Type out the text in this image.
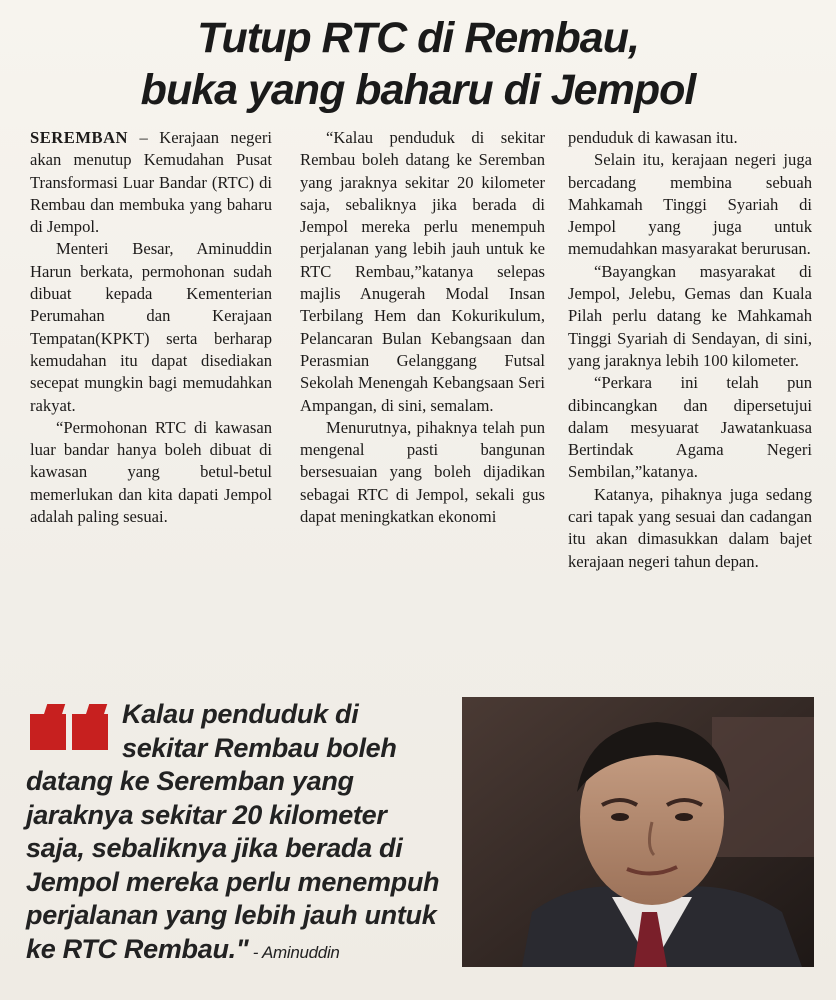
Tutup RTC di Rembau,
buka yang baharu di Jempol

SEREMBAN – Kerajaan negeri akan menutup Kemudahan Pusat Transformasi Luar Bandar (RTC) di Rembau dan membuka yang baharu di Jempol.

Menteri Besar, Aminuddin Harun berkata, permohonan sudah dibuat kepada Kementerian Perumahan dan Kerajaan Tempatan(KPKT) serta berharap kemudahan itu dapat disediakan secepat mungkin bagi memudahkan rakyat.

“Permohonan RTC di kawasan luar bandar hanya boleh dibuat di kawasan yang betul-betul memerlukan dan kita dapati Jempol adalah paling sesuai.

“Kalau penduduk di sekitar Rembau boleh datang ke Seremban yang jaraknya sekitar 20 kilometer saja, sebaliknya jika berada di Jempol mereka perlu menempuh perjalanan yang lebih jauh untuk ke RTC Rembau,”katanya selepas majlis Anugerah Modal Insan Terbilang Hem dan Kokurikulum, Pelancaran Bulan Kebangsaan dan Perasmian Gelanggang Futsal Sekolah Menengah Kebangsaan Seri Ampangan, di sini, semalam.

Menurutnya, pihaknya telah pun mengenal pasti bangunan bersesuaian yang boleh dijadikan sebagai RTC di Jempol, sekali gus dapat meningkatkan ekonomi

penduduk di kawasan itu.

Selain itu, kerajaan negeri juga bercadang membina sebuah Mahkamah Tinggi Syariah di Jempol yang juga untuk memudahkan masyarakat berurusan.

“Bayangkan masyarakat di Jempol, Jelebu, Gemas dan Kuala Pilah perlu datang ke Mahkamah Tinggi Syariah di Sendayan, di sini, yang jaraknya lebih 100 kilometer.

“Perkara ini telah pun dibincangkan dan dipersetujui dalam mesyuarat Jawatankuasa Bertindak Agama Negeri Sembilan,”katanya.

Katanya, pihaknya juga sedang cari tapak yang sesuai dan cadangan itu akan dimasukkan dalam bajet kerajaan negeri tahun depan.

Kalau penduduk di
sekitar Rembau boleh
datang ke Seremban yang
jaraknya sekitar 20 kilometer
saja, sebaliknya jika berada di
Jempol mereka perlu menempuh
perjalanan yang lebih jauh untuk
ke RTC Rembau." - Aminuddin
